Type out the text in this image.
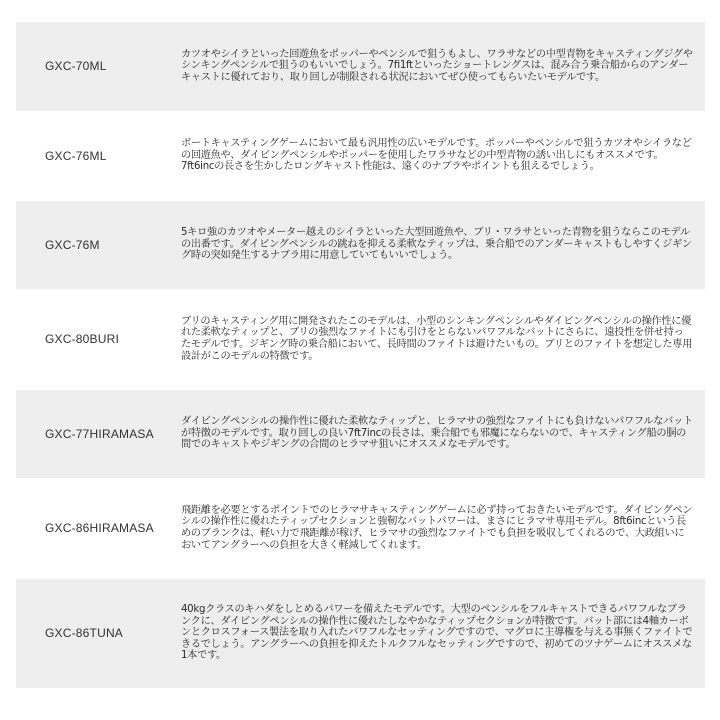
GXC-70ML	カツオやシイラといった回遊魚をポッパーやペンシルで狙うもよし、ワラサなどの中型青物をキャスティングジグやシンキングペンシルで狙うのもいいでしょう。7ﬁ1ftといったショートレングスは、混み合う乗合船からのアンダーキャストに優れており、取り回しが制限される状況においてぜひ使ってもらいたいモデルです。
GXC-76ML	ボートキャスティングゲームにおいて最も汎用性の広いモデルです。ポッパーやペンシルで狙うカツオやシイラなどの回遊魚や、ダイビングペンシルやポッパーを使用したワラサなどの中型青物の誘い出しにもオススメです。7ft6incの長さを生かしたロングキャスト性能は、遠くのナブラやポイントも狙えるでしょう。
GXC-76M	5キロ強のカツオやメーター越えのシイラといった大型回遊魚や、ブリ・ワラサといった青物を狙うならこのモデルの出番です。ダイビングペンシルの跳ねを抑える柔軟なティップは、乗合船でのアンダーキャストもしやすくジギング時の突如発生するナブラ用に用意していてもいいでしょう。
GXC-80BURI	ブリのキャスティング用に開発されたこのモデルは、小型のシンキングペンシルやダイビングペンシルの操作性に優れた柔軟なティップと、ブリの強烈なファイトにも引けをとらないパワフルなバットにさらに、遠投性を併せ持ったモデルです。ジギング時の乗合船において、長時間のファイトは避けたいもの。ブリとのファイトを想定した専用設計がこのモデルの特徴です。
GXC-77HIRAMASA	ダイビングペンシルの操作性に優れた柔軟なティップと、ヒラマサの強烈なファイトにも負けないパワフルなバットが特徴のモデルです。取り回しの良い7ft7incの長さは、乗合船でも邪魔にならないので、キャスティング船の胴の間でのキャストやジギングの合間のヒラマサ狙いにオススメなモデルです。
GXC-86HIRAMASA	飛距離を必要とするポイントでのヒラマサキャスティングゲームに必ず持っておきたいモデルです。ダイビングペンシルの操作性に優れたティップセクションと強靭なバットパワーは、まさにヒラマサ専用モデル。8ft6incという長めのブランクは、軽い力で飛距離が稼げ、ヒラマサの強烈なファイトでも負担を吸収してくれるので、大政組いにおいてアングラーへの負担を大きく軽減してくれます。
GXC-86TUNA	40kgクラスのキハダをしとめるパワーを備えたモデルです。大型のペンシルをフルキャストできるパワフルなブランクに、ダイビングペンシルの操作性に優れたしなやかなティップセクションが特徴です。バット部には4軸カーボンとクロスフォース製法を取り入れたパワフルなセッティングですので、マグロに主導権を与える事無くファイトできるでしょう。アングラーへの負担を抑えたトルクフルなセッティングですので、初めてのツナゲームにオススメな1本です。
